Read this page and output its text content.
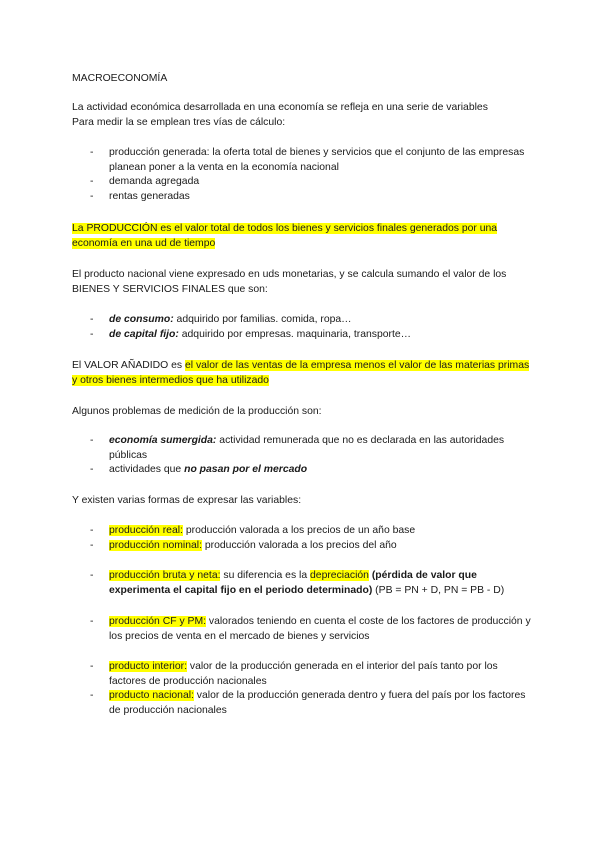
MACROECONOMÍA

La actividad económica desarrollada en una economía se refleja en una serie de variables
Para medir la se emplean tres vías de cálculo:
- producción generada: la oferta total de bienes y servicios que el conjunto de las empresas planean poner a la venta en la economía nacional
- demanda agregada
- rentas generadas

La PRODUCCIÓN es el valor total de todos los bienes y servicios finales generados por una economía en una ud de tiempo

El producto nacional viene expresado en uds monetarias, y se calcula sumando el valor de los BIENES Y SERVICIOS FINALES que son:

- de consumo: adquirido por familias. comida, ropa…
- de capital fijo: adquirido por empresas. maquinaria, transporte…

El VALOR AÑADIDO es el valor de las ventas de la empresa menos el valor de las materias primas y otros bienes intermedios que ha utilizado

Algunos problemas de medición de la producción son:

- economía sumergida: actividad remunerada que no es declarada en las autoridades públicas
- actividades que no pasan por el mercado

Y existen varias formas de expresar las variables:

- producción real: producción valorada a los precios de un año base
- producción nominal: producción valorada a los precios del año
- producción bruta y neta: su diferencia es la depreciación (pérdida de valor que experimenta el capital fijo en el periodo determinado) (PB = PN + D, PN = PB - D)
- producción CF y PM: valorados teniendo en cuenta el coste de los factores de producción y los precios de venta en el mercado de bienes y servicios
- producto interior: valor de la producción generada en el interior del país tanto por los factores de producción nacionales
- producto nacional: valor de la producción generada dentro y fuera del país por los factores de producción nacionales
